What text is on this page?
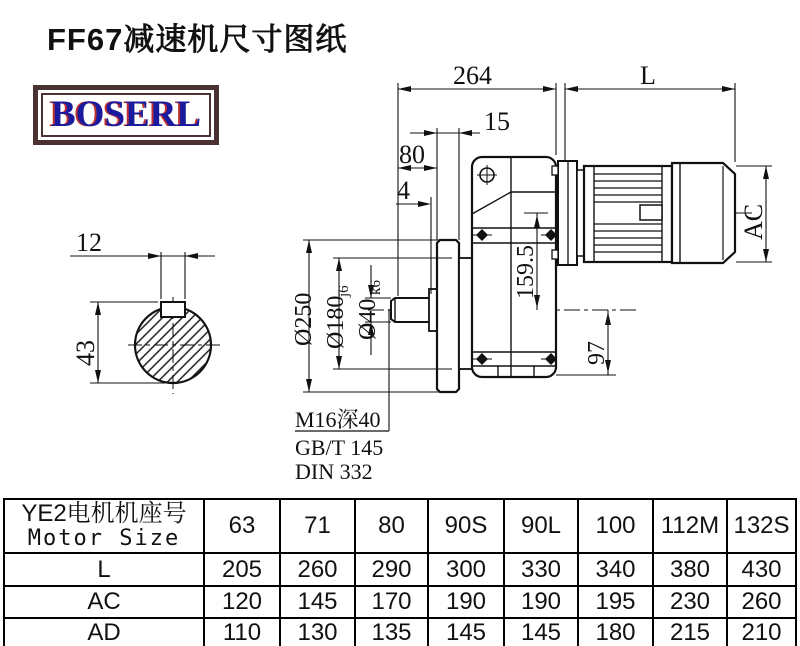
FF67减速机尺寸图纸
BOSERL
12
43
264	L
15
80
4
AC
Ø250 Ø180
j6
Ø40
k6	159.5
97
M16深40
GB/T 145
DIN 332
YE2电机机座号
Motor Size	63	71	80	90S	90L	100	112M	132S
L	205	260	290	300	330	340	380	430
AC	120	145	170	190	190	195	230	260
AD	110	130	135	145	145	180	215	210
